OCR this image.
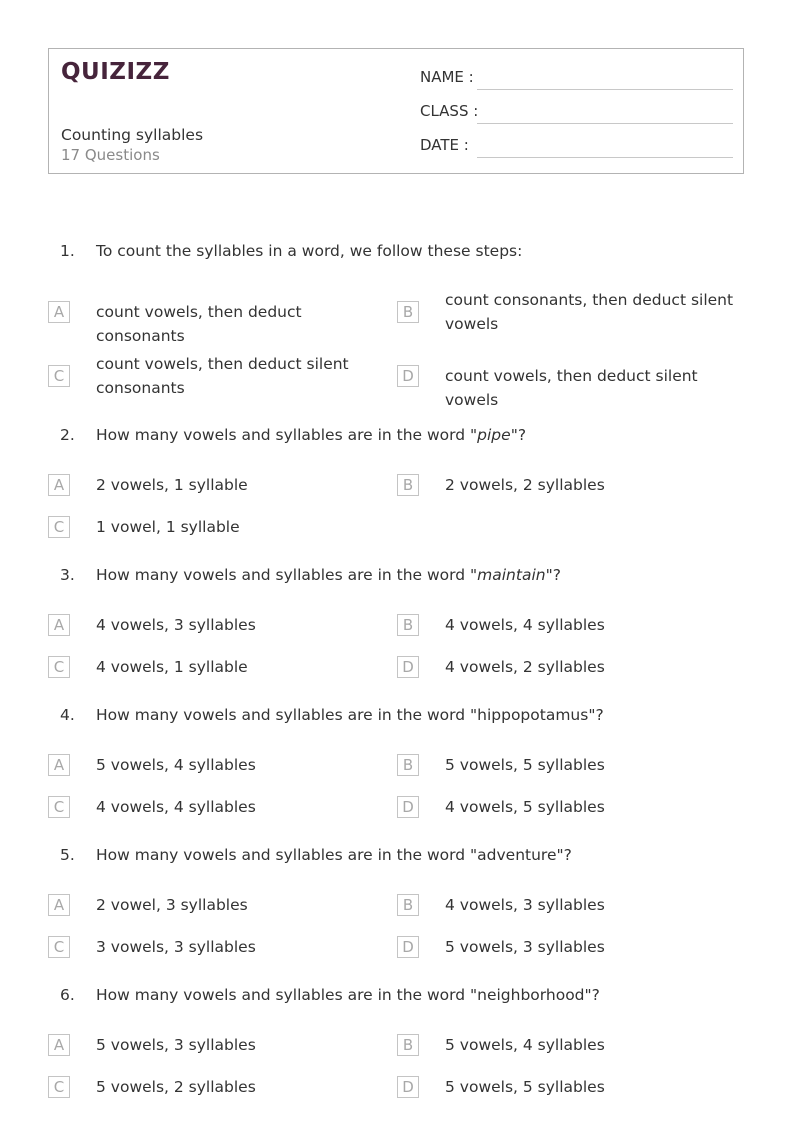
QUIZIZZ
Counting syllables
17 Questions
NAME :
CLASS :
DATE :
1. To count the syllables in a word, we follow these steps:
A	count vowels, then deduct consonants
B
count consonants, then deduct silent vowels
C
count vowels, then deduct silent consonants
D	count vowels, then deduct silent vowels
2. How many vowels and syllables are in the word "pipe"?
A	2 vowels, 1 syllable	B	2 vowels, 2 syllables
C	1 vowel, 1 syllable
3. How many vowels and syllables are in the word "maintain"?
A	4 vowels, 3 syllables	B	4 vowels, 4 syllables
C	4 vowels, 1 syllable	D	4 vowels, 2 syllables
4. How many vowels and syllables are in the word "hippopotamus"?
A	5 vowels, 4 syllables	B	5 vowels, 5 syllables
C	4 vowels, 4 syllables	D	4 vowels, 5 syllables
5. How many vowels and syllables are in the word "adventure"?
A	2 vowel, 3 syllables	B	4 vowels, 3 syllables
C	3 vowels, 3 syllables	D	5 vowels, 3 syllables
6. How many vowels and syllables are in the word "neighborhood"?
A	5 vowels, 3 syllables	B	5 vowels, 4 syllables
C	5 vowels, 2 syllables	D	5 vowels, 5 syllables
